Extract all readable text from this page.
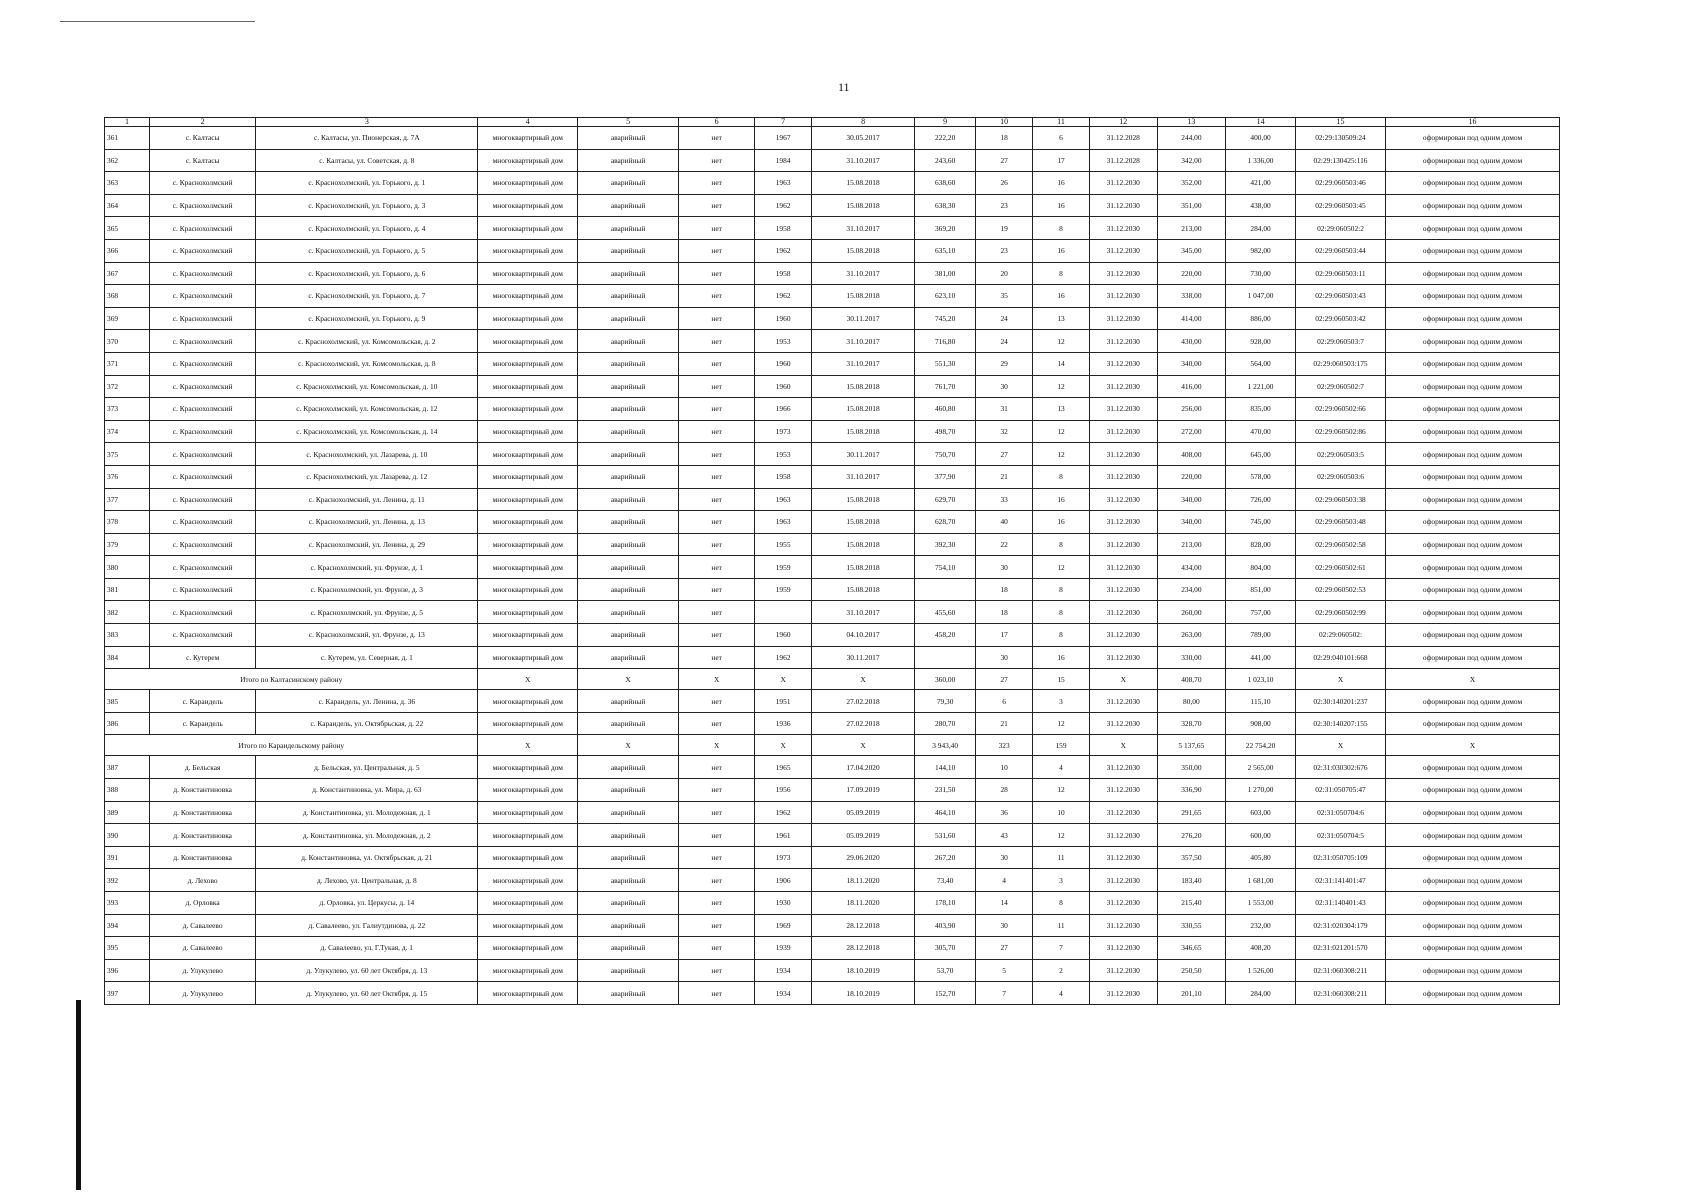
11
1	2	3	4	5	6	7	8	9	10	11	12	13	14	15	16
361	с. Калтасы	с. Калтасы, ул. Пионерская, д. 7А	многоквартирный дом	аварийный	нет	1967	30.05.2017	222,20	18	6	31.12.2028	244,00	400,00	02:29:130509:24	оформирован под одним домом
362	с. Калтасы	с. Калтасы, ул. Советская, д. 8	многоквартирный дом	аварийный	нет	1984	31.10.2017	243,60	27	17	31.12.2028	342,00	1 336,00	02:29:130425:116	оформирован под одним домом
363	с. Краснохолмский	с. Краснохолмский, ул. Горького, д. 1	многоквартирный дом	аварийный	нет	1963	15.08.2018	638,60	26	16	31.12.2030	352,00	421,00	02:29:060503:46	оформирован под одним домом
364	с. Краснохолмский	с. Краснохолмский, ул. Горького, д. 3	многоквартирный дом	аварийный	нет	1962	15.08.2018	638,30	23	16	31.12.2030	351,00	438,00	02:29:060503:45	оформирован под одним домом
365	с. Краснохолмский	с. Краснохолмский, ул. Горького, д. 4	многоквартирный дом	аварийный	нет	1958	31.10.2017	369,20	19	8	31.12.2030	213,00	284,00	02:29:060502:2	оформирован под одним домом
366	с. Краснохолмский	с. Краснохолмский, ул. Горького, д. 5	многоквартирный дом	аварийный	нет	1962	15.08.2018	635,10	23	16	31.12.2030	345,00	982,00	02:29:060503:44	оформирован под одним домом
367	с. Краснохолмский	с. Краснохолмский, ул. Горького, д. 6	многоквартирный дом	аварийный	нет	1958	31.10.2017	381,00	20	8	31.12.2030	220,00	730,00	02:29:060503:11	оформирован под одним домом
368	с. Краснохолмский	с. Краснохолмский, ул. Горького, д. 7	многоквартирный дом	аварийный	нет	1962	15.08.2018	623,10	35	16	31.12.2030	338,00	1 047,00	02:29:060503:43	оформирован под одним домом
369	с. Краснохолмский	с. Краснохолмский, ул. Горького, д. 9	многоквартирный дом	аварийный	нет	1960	30.11.2017	745,20	24	13	31.12.2030	414,00	886,00	02:29:060503:42	оформирован под одним домом
370	с. Краснохолмский	с. Краснохолмский, ул. Комсомольская, д. 2	многоквартирный дом	аварийный	нет	1953	31.10.2017	716,80	24	12	31.12.2030	430,00	928,00	02:29:060503:7	оформирован под одним домом
371	с. Краснохолмский	с. Краснохолмский, ул. Комсомольская, д. 8	многоквартирный дом	аварийный	нет	1960	31.10.2017	551,30	29	14	31.12.2030	340,00	564,00	02:29:060503:175	оформирован под одним домом
372	с. Краснохолмский	с. Краснохолмский, ул. Комсомольская, д. 10	многоквартирный дом	аварийный	нет	1960	15.08.2018	761,70	30	12	31.12.2030	416,00	1 221,00	02:29:060502:7	оформирован под одним домом
373	с. Краснохолмский	с. Краснохолмский, ул. Комсомольская, д. 12	многоквартирный дом	аварийный	нет	1966	15.08.2018	460,80	31	13	31.12.2030	256,00	835,00	02:29:060502:66	оформирован под одним домом
374	с. Краснохолмский	с. Краснохолмский, ул. Комсомольская, д. 14	многоквартирный дом	аварийный	нет	1973	15.08.2018	498,70	32	12	31.12.2030	272,00	470,00	02:29:060502:86	оформирован под одним домом
375	с. Краснохолмский	с. Краснохолмский, ул. Лазарева, д. 10	многоквартирный дом	аварийный	нет	1953	30.11.2017	750,70	27	12	31.12.2030	408,00	645,00	02:29:060503:5	оформирован под одним домом
376	с. Краснохолмский	с. Краснохолмский, ул. Лазарева, д. 12	многоквартирный дом	аварийный	нет	1958	31.10.2017	377,90	21	8	31.12.2030	220,00	578,00	02:29:060503:6	оформирован под одним домом
377	с. Краснохолмский	с. Краснохолмский, ул. Ленина, д. 11	многоквартирный дом	аварийный	нет	1963	15.08.2018	629,70	33	16	31.12.2030	340,00	726,00	02:29:060503:38	оформирован под одним домом
378	с. Краснохолмский	с. Краснохолмский, ул. Ленина, д. 13	многоквартирный дом	аварийный	нет	1963	15.08.2018	628,70	40	16	31.12.2030	340,00	745,00	02:29:060503:48	оформирован под одним домом
379	с. Краснохолмский	с. Краснохолмский, ул. Ленина, д. 29	многоквартирный дом	аварийный	нет	1955	15.08.2018	392,30	22	8	31.12.2030	213,00	828,00	02:29:060502:58	оформирован под одним домом
380	с. Краснохолмский	с. Краснохолмский, ул. Фрунзе, д. 1	многоквартирный дом	аварийный	нет	1959	15.08.2018	754,10	30	12	31.12.2030	434,00	804,00	02:29:060502:61	оформирован под одним домом
381	с. Краснохолмский	с. Краснохолмский, ул. Фрунзе, д. 3	многоквартирный дом	аварийный	нет	1959	15.08.2018		18	8	31.12.2030	234,00	851,00	02:29:060502:53	оформирован под одним домом
382	с. Краснохолмский	с. Краснохолмский, ул. Фрунзе, д. 5	многоквартирный дом	аварийный	нет		31.10.2017	455,60	18	8	31.12.2030	260,00	757,00	02:29:060502:99	оформирован под одним домом
383	с. Краснохолмский	с. Краснохолмский, ул. Фрунзе, д. 13	многоквартирный дом	аварийный	нет	1960	04.10.2017	458,20	17	8	31.12.2030	263,00	789,00	02:29:060502:	оформирован под одним домом
384	с. Кутерем	с. Кутерем, ул. Северная, д. 1	многоквартирный дом	аварийный	нет	1962	30.11.2017		30	16	31.12.2030	330,00	441,00	02:29:040101:668	оформирован под одним домом
Итого по Калтасинскому району			X	X	X	X	X	360,00	27	15	X	408,70	1 023,10	X	X
385	с. Караидель	с. Караидель, ул. Ленина, д. 36	многоквартирный дом	аварийный	нет	1951	27.02.2018	79,30	6	3	31.12.2030	80,00	115,10	02:30:140201:237	оформирован под одним домом
386	с. Караидель	с. Караидель, ул. Октябрьская, д. 22	многоквартирный дом	аварийный	нет	1936	27.02.2018	280,70	21	12	31.12.2030	328,70	908,00	02:30:140207:155	оформирован под одним домом
Итого по Караидельскому району			X	X	X	X	X	3 943,40	323	159	X	5 137,65	22 754,20	X	X
387	д. Бельская	д. Бельская, ул. Центральная, д. 5	многоквартирный дом	аварийный	нет	1965	17.04.2020	144,10	10	4	31.12.2030	350,00	2 565,00	02:31:030302:676	оформирован под одним домом
388	д. Константиновка	д. Константиновка, ул. Мира, д. 63	многоквартирный дом	аварийный	нет	1956	17.09.2019	231,50	28	12	31.12.2030	336,90	1 270,00	02:31:050705:47	оформирован под одним домом
389	д. Константиновка	д. Константиновка, ул. Молодежная, д. 1	многоквартирный дом	аварийный	нет	1962	05.09.2019	464,10	36	10	31.12.2030	291,65	603,00	02:31:050704:6	оформирован под одним домом
390	д. Константиновка	д. Константиновка, ул. Молодежная, д. 2	многоквартирный дом	аварийный	нет	1961	05.09.2019	531,60	43	12	31.12.2030	276,20	600,00	02:31:050704:5	оформирован под одним домом
391	д. Константиновка	д. Константиновка, ул. Октябрьская, д. 21	многоквартирный дом	аварийный	нет	1973	29.06.2020	267,20	30	11	31.12.2030	357,50	405,80	02:31:050705:109	оформирован под одним домом
392	д. Лехово	д. Лехово, ул. Центральная, д. 8	многоквартирный дом	аварийный	нет	1906	18.11.2020	73,40	4	3	31.12.2030	183,40	1 681,00	02:31:141401:47	оформирован под одним домом
393	д. Орловка	д. Орловка, ул. Церкусы, д. 14	многоквартирный дом	аварийный	нет	1930	18.11.2020	178,10	14	8	31.12.2030	215,40	1 553,00	02:31:140401:43	оформирован под одним домом
394	д. Савалеево	д. Савалеево, ул. Галиутдинова, д. 22	многоквартирный дом	аварийный	нет	1969	28.12.2018	403,90	30	11	31.12.2030	330,55	232,00	02:31:020304:179	оформирован под одним домом
395	д. Савалеево	д. Савалеево, ул. Г.Тукая, д. 1	многоквартирный дом	аварийный	нет	1939	28.12.2018	305,70	27	7	31.12.2030	346,65	408,20	02:31:021201:570	оформирован под одним домом
396	д. Улукулево	д. Улукулево, ул. 60 лет Октября, д. 13	многоквартирный дом	аварийный	нет	1934	18.10.2019	53,70	5	2	31.12.2030	250,50	1 526,00	02:31:060308:211	оформирован под одним домом
397	д. Улукулево	д. Улукулево, ул. 60 лет Октября, д. 15	многоквартирный дом	аварийный	нет	1934	18.10.2019	152,70	7	4	31.12.2030	201,10	284,00	02:31:060308:211	оформирован под одним домом
